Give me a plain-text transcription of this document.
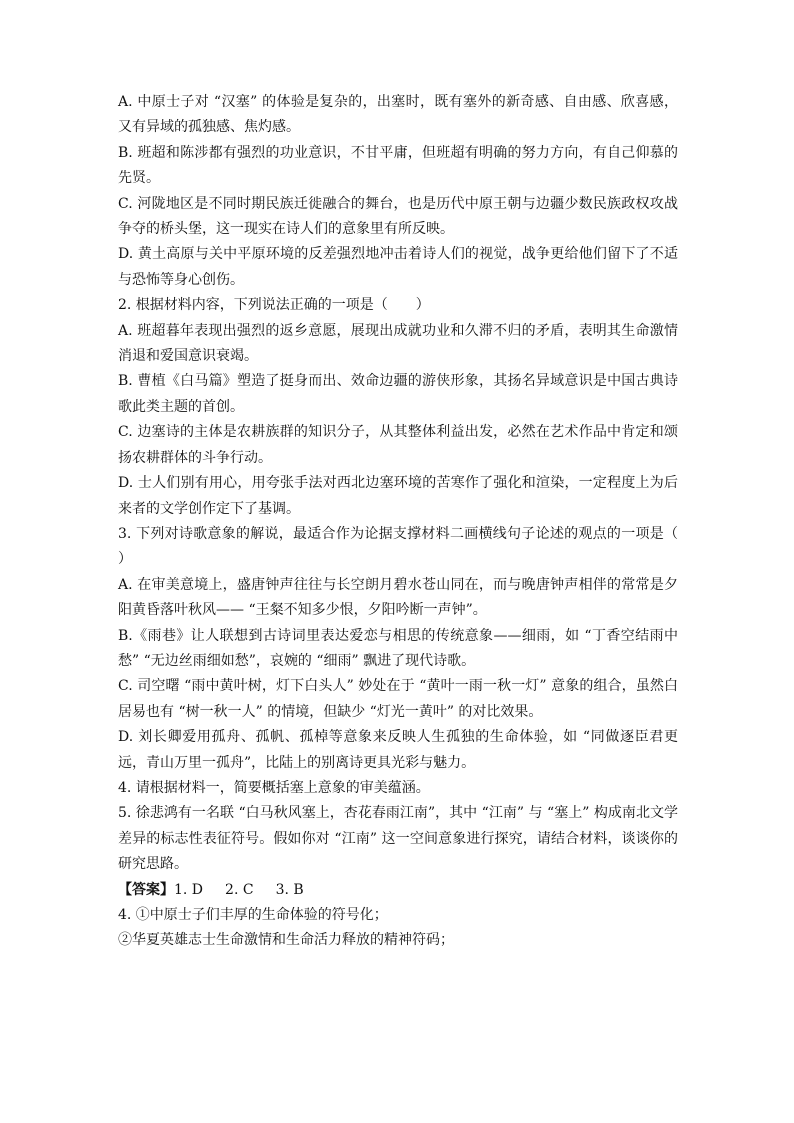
A. 中原士子对 “汉塞” 的体验是复杂的，出塞时，既有塞外的新奇感、自由感、欣喜感，又有异域的孤独感、焦灼感。

B. 班超和陈涉都有强烈的功业意识，不甘平庸，但班超有明确的努力方向，有自己仰慕的先贤。

C. 河陇地区是不同时期民族迁徙融合的舞台，也是历代中原王朝与边疆少数民族政权攻战争夺的桥头堡，这一现实在诗人们的意象里有所反映。

D. 黄土高原与关中平原环境的反差强烈地冲击着诗人们的视觉，战争更给他们留下了不适与恐怖等身心创伤。

2. 根据材料内容，下列说法正确的一项是（　　）

A. 班超暮年表现出强烈的返乡意愿，展现出成就功业和久滞不归的矛盾，表明其生命激情消退和爱国意识衰竭。

B. 曹植《白马篇》塑造了挺身而出、效命边疆的游侠形象，其扬名异域意识是中国古典诗歌此类主题的首创。

C. 边塞诗的主体是农耕族群的知识分子，从其整体利益出发，必然在艺术作品中肯定和颂扬农耕群体的斗争行动。

D. 士人们别有用心，用夸张手法对西北边塞环境的苦寒作了强化和渲染，一定程度上为后来者的文学创作定下了基调。

3. 下列对诗歌意象的解说，最适合作为论据支撑材料二画横线句子论述的观点的一项是（　　）

A. 在审美意境上，盛唐钟声往往与长空朗月碧水苍山同在，而与晚唐钟声相伴的常常是夕阳黄昏落叶秋风—— “王粲不知多少恨，夕阳吟断一声钟”。

B.《雨巷》让人联想到古诗词里表达爱恋与相思的传统意象——细雨，如 “丁香空结雨中愁” “无边丝雨细如愁”，哀婉的 “细雨” 飘进了现代诗歌。

C. 司空曙 “雨中黄叶树，灯下白头人” 妙处在于 “黄叶一雨一秋一灯” 意象的组合，虽然白居易也有 “树一秋一人” 的情境，但缺少 “灯光一黄叶” 的对比效果。

D. 刘长卿爱用孤舟、孤帆、孤棹等意象来反映人生孤独的生命体验，如 “同做逐臣君更远，青山万里一孤舟”，比陆上的别离诗更具光彩与魅力。

4. 请根据材料一，简要概括塞上意象的审美蕴涵。

5. 徐悲鸿有一名联 “白马秋风塞上，杏花春雨江南”，其中 “江南” 与 “塞上” 构成南北文学差异的标志性表征符号。假如你对 “江南” 这一空间意象进行探究，请结合材料，谈谈你的研究思路。

【答案】1. D 2. C 3. B

4. ①中原士子们丰厚的生命体验的符号化；

②华夏英雄志士生命激情和生命活力释放的精神符码；
